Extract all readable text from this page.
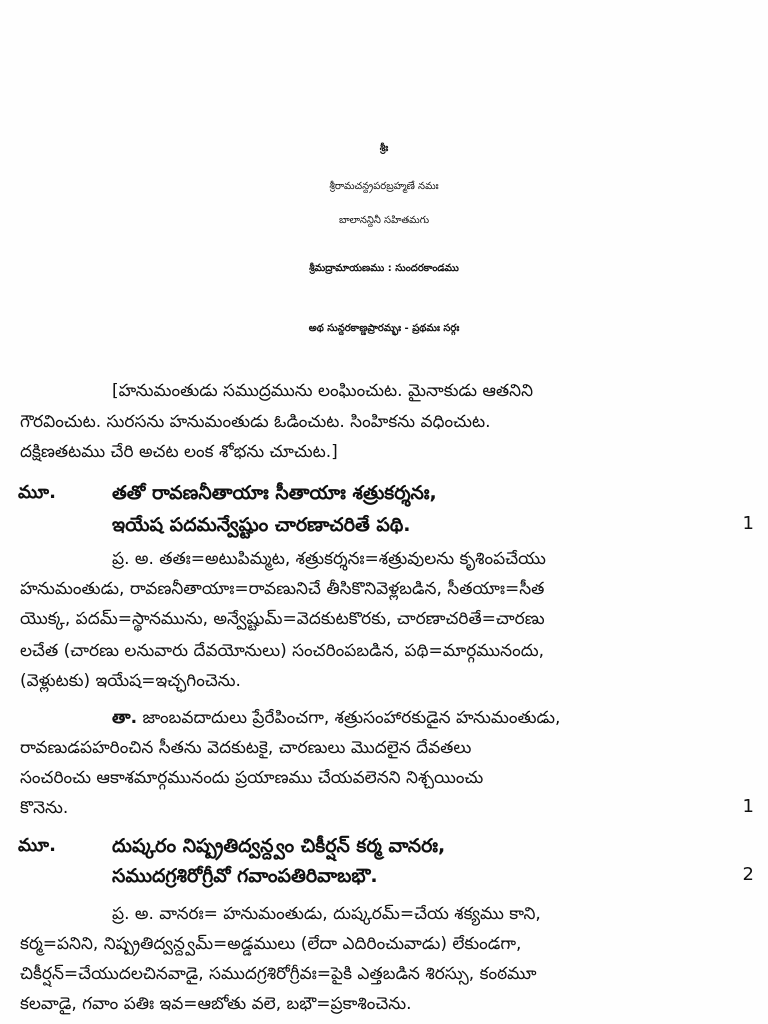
శ్రీః
శ్రీరామచన్ద్రపరబ్రహ్మణే నమః
బాలానన్దినీ సహితమగు
శ్రీమద్రామాయణము : సుందరకాండము
అథ సున్దరకాణ్డప్రారమ్భః - ప్రథమః సర్గః
[హనుమంతుడు సముద్రమును లంఘించుట. మైనాకుడు ఆతనిని
గౌరవించుట. సురసను హనుమంతుడు ఓడించుట. సింహికను వధించుట.
దక్షిణతటము చేరి అచట లంక శోభను చూచుట.]
మూ.	తతో రావణనీతాయాః సీతాయాః శత్రుకర్శనః,
ఇయేష పదమన్వేష్టుం చారణాచరితే పథి.	1
ప్ర. అ. తతః=అటుపిమ్మట, శత్రుకర్శనః=శత్రువులను కృశింపచేయు
హనుమంతుడు, రావణనీతాయాః=రావణునిచే తీసికొనివెళ్లబడిన, సీతయాః=సీత
యొక్క, పదమ్=స్థానమును, అన్వేష్టుమ్=వెదకుటకొరకు, చారణాచరితే=చారణు
లచేత (చారణు లనువారు దేవయోనులు) సంచరింపబడిన, పథి=మార్గమునందు,
(వెళ్లుటకు) ఇయేష=ఇచ్ఛగించెను.
తా. జాంబవదాదులు ప్రేరేపించగా, శత్రుసంహారకుడైన హనుమంతుడు,
రావణుడపహరించిన సీతను వెదకుటకై, చారణులు మొదలైన దేవతలు
సంచరించు ఆకాశమార్గమునందు ప్రయాణము చేయవలెనని నిశ్చయించు
కొనెను.	1
మూ.	దుష్కరం నిష్ప్రతిద్వన్ద్వం చికీర్షన్ కర్మ వానరః,
సముదగ్రశిరోగ్రీవో గవాంపతిరివాబభౌ.	2
ప్ర. అ. వానరః= హనుమంతుడు, దుష్కరమ్=చేయ శక్యము కాని,
కర్మ=పనిని, నిష్ప్రతిద్వన్ద్వమ్=అడ్డములు (లేదా ఎదిరించువాడు) లేకుండగా,
చికీర్షన్=చేయుదలచినవాడై, సముదగ్రశిరోగ్రీవః=పైకి ఎత్తబడిన శిరస్సు, కంఠమూ
కలవాడై, గవాం పతిః ఇవ=ఆబోతు వలె, బభౌ=ప్రకాశించెను.
